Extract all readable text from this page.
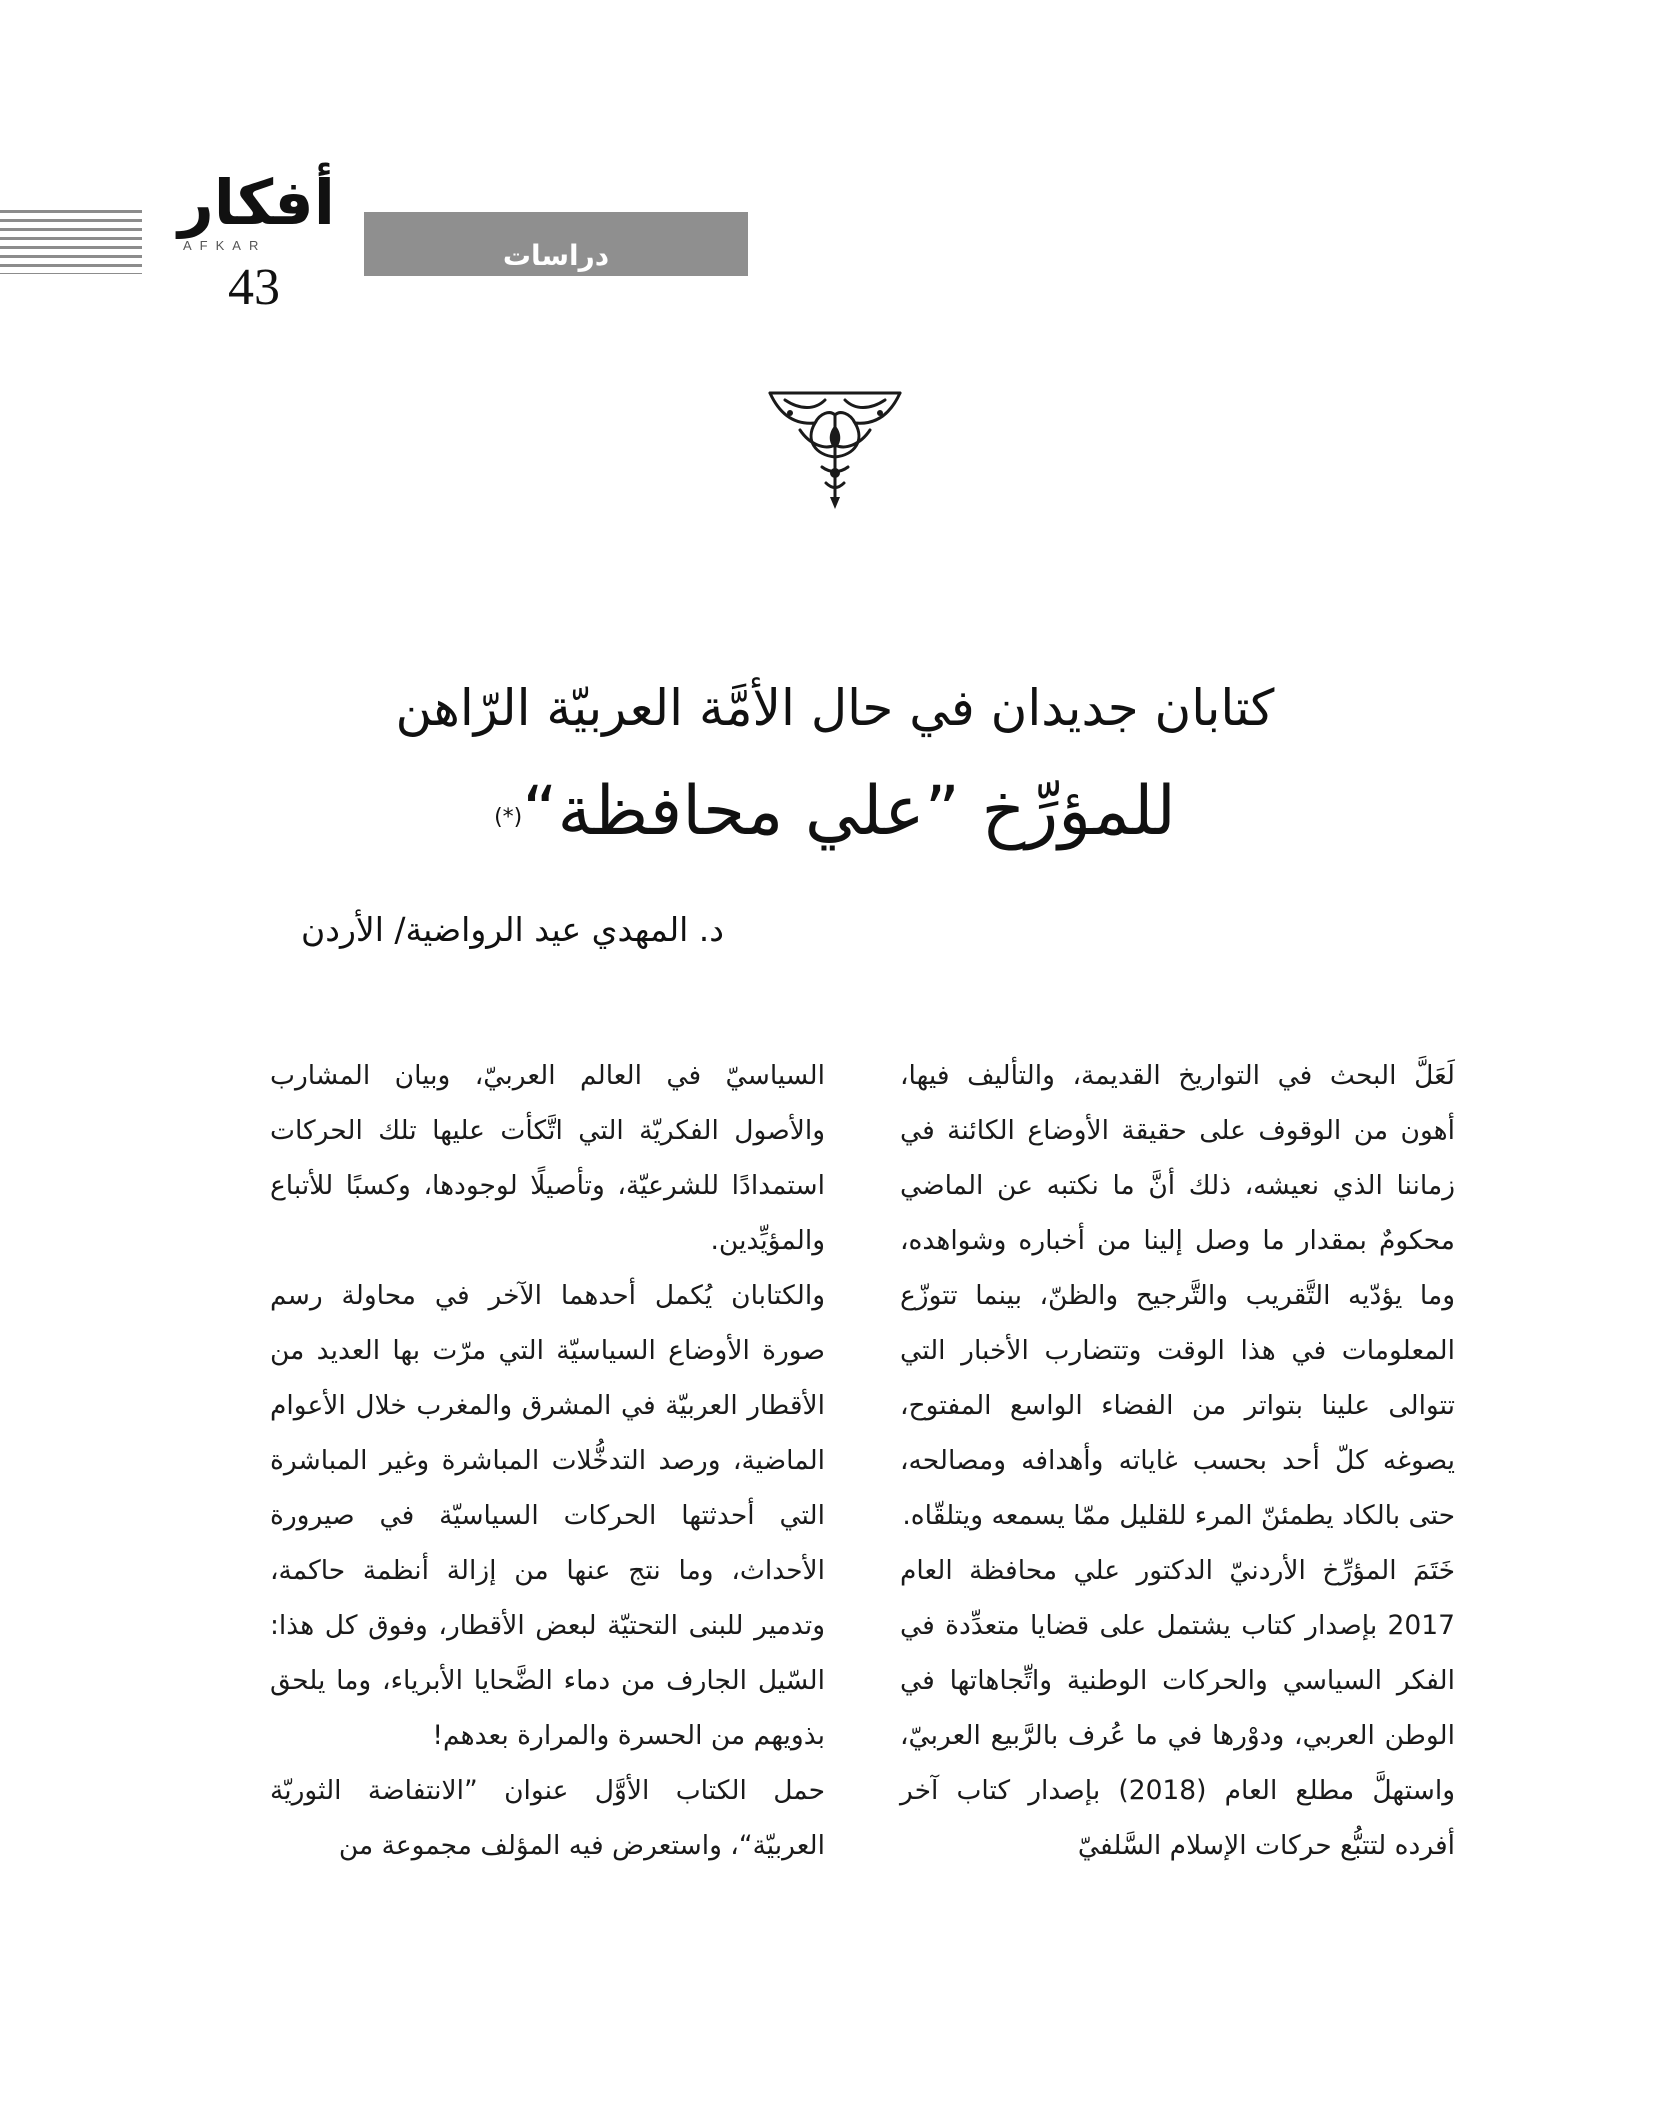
أفكار
AFKAR
43
دراسات
كتابان جديدان في حال الأمَّة العربيّة الرّاهن
للمؤرِّخ ”علي محافظة“(*)
د. المهدي عيد الرواضية/ الأردن

لَعَلَّ البحث في التواريخ القديمة، والتأليف فيها، أهون من الوقوف على حقيقة الأوضاع الكائنة في زماننا الذي نعيشه، ذلك أنَّ ما نكتبه عن الماضي محكومٌ بمقدار ما وصل إلينا من أخباره وشواهده، وما يؤدّيه التَّقريب والتَّرجيح والظنّ، بينما تتوزّع المعلومات في هذا الوقت وتتضارب الأخبار التي تتوالى علينا بتواتر من الفضاء الواسع المفتوح، يصوغه كلّ أحد بحسب غاياته وأهدافه ومصالحه، حتى بالكاد يطمئنّ المرء للقليل ممّا يسمعه ويتلقّاه.

خَتَمَ المؤرِّخ الأردنيّ الدكتور علي محافظة العام 2017 بإصدار كتاب يشتمل على قضايا متعدِّدة في الفكر السياسي والحركات الوطنية واتِّجاهاتها في الوطن العربي، ودوْرها في ما عُرف بالرَّبيع العربيّ، واستهلَّ مطلع العام (2018) بإصدار كتاب آخر أفرده لتتبُّع حركات الإسلام السَّلفيّ

السياسيّ في العالم العربيّ، وبيان المشارب والأصول الفكريّة التي اتَّكأت عليها تلك الحركات استمدادًا للشرعيّة، وتأصيلًا لوجودها، وكسبًا للأتباع والمؤيِّدين.

والكتابان يُكمل أحدهما الآخر في محاولة رسم صورة الأوضاع السياسيّة التي مرّت بها العديد من الأقطار العربيّة في المشرق والمغرب خلال الأعوام الماضية، ورصد التدخُّلات المباشرة وغير المباشرة التي أحدثتها الحركات السياسيّة في صيرورة الأحداث، وما نتج عنها من إزالة أنظمة حاكمة، وتدمير للبنى التحتيّة لبعض الأقطار، وفوق كل هذا: السّيل الجارف من دماء الضَّحايا الأبرياء، وما يلحق بذويهم من الحسرة والمرارة بعدهم!

حمل الكتاب الأوَّل عنوان ”الانتفاضة الثوريّة العربيّة“، واستعرض فيه المؤلف مجموعة من
